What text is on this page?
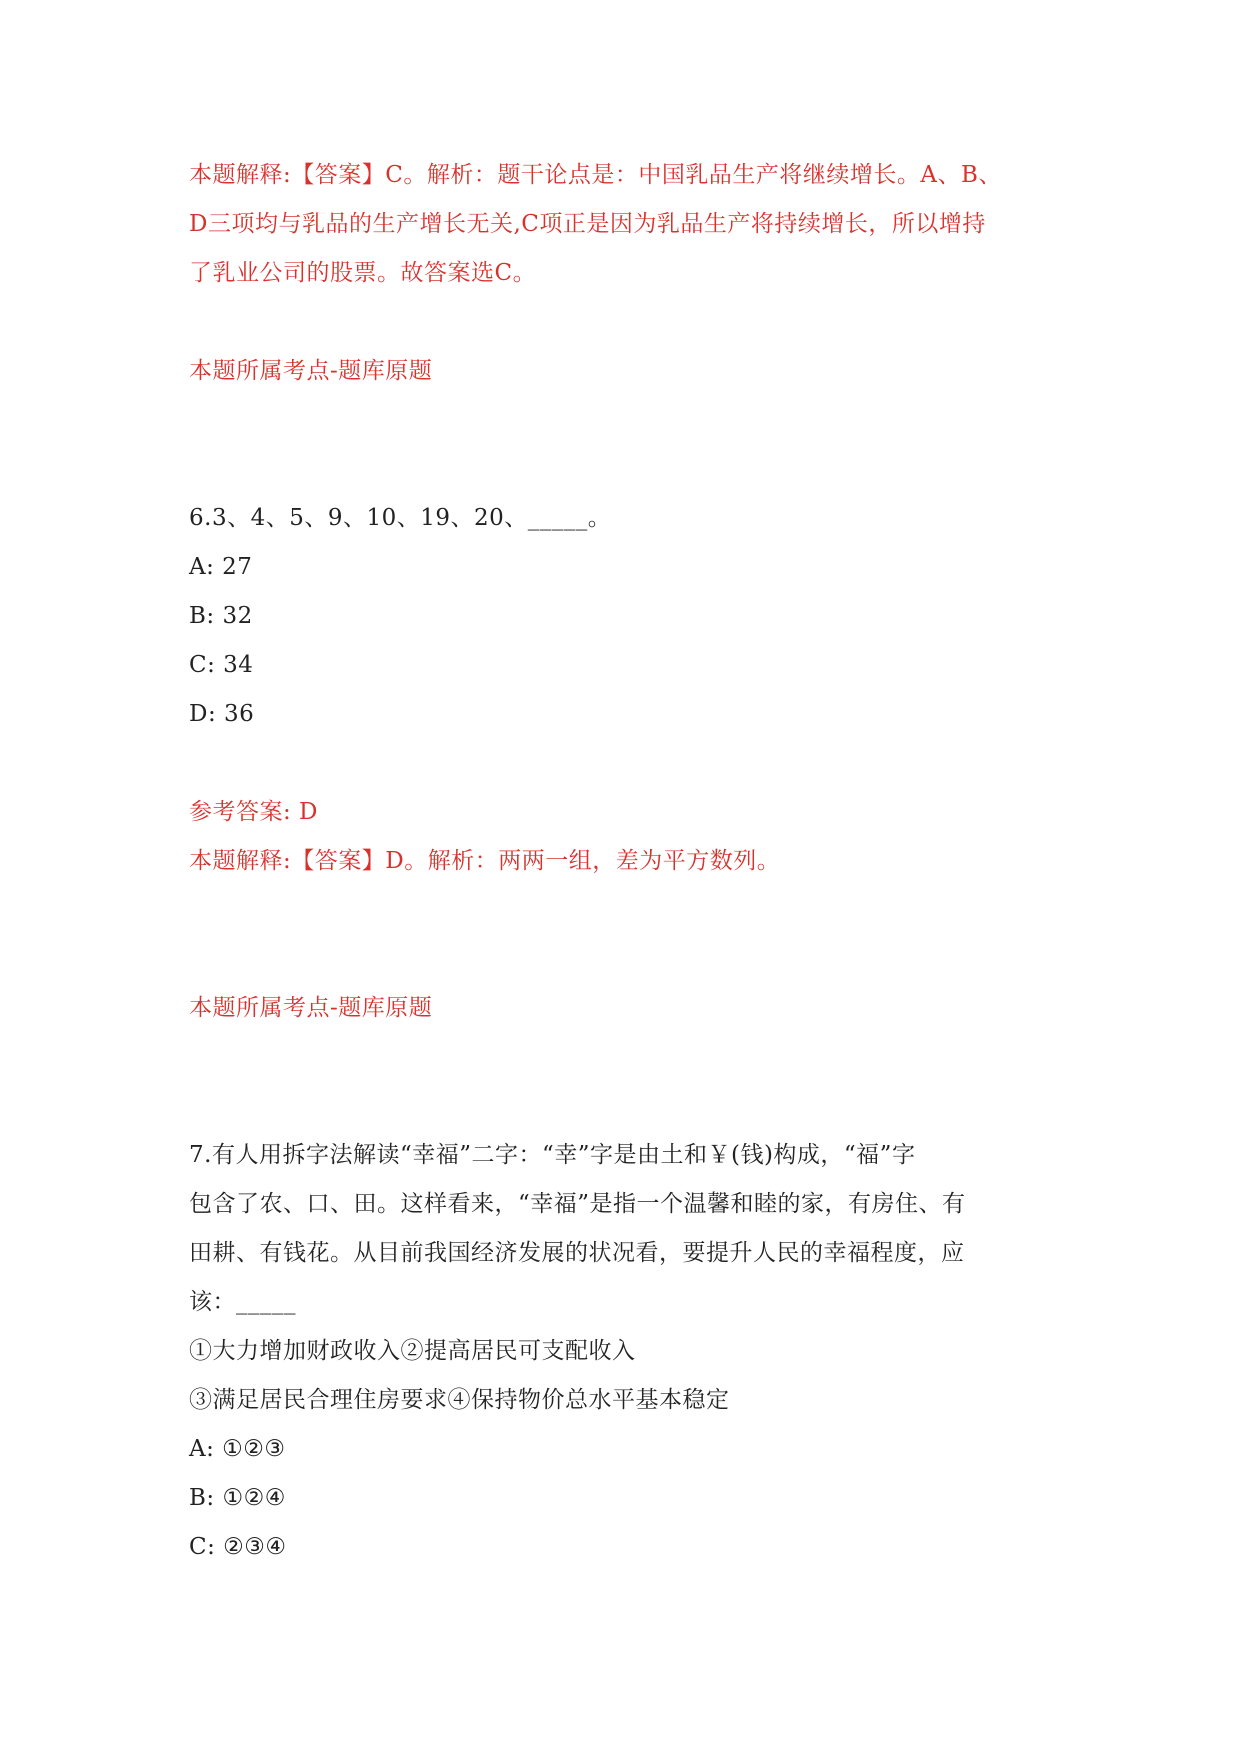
本题解释:【答案】C。解析：题干论点是：中国乳品生产将继续增长。A、B、
D三项均与乳品的生产增长无关,C项正是因为乳品生产将持续增长，所以增持
了乳业公司的股票。故答案选C。
本题所属考点-题库原题
6.3、4、5、9、10、19、20、_____。
A: 27
B: 32
C: 34
D: 36
参考答案: D
本题解释:【答案】D。解析：两两一组，差为平方数列。
本题所属考点-题库原题
7.有人用拆字法解读“幸福”二字：“幸”字是由土和￥(钱)构成，“福”字
包含了农、口、田。这样看来，“幸福”是指一个温馨和睦的家，有房住、有
田耕、有钱花。从目前我国经济发展的状况看，要提升人民的幸福程度，应
该：_____
①大力增加财政收入②提高居民可支配收入
③满足居民合理住房要求④保持物价总水平基本稳定
A: ①②③
B: ①②④
C: ②③④
